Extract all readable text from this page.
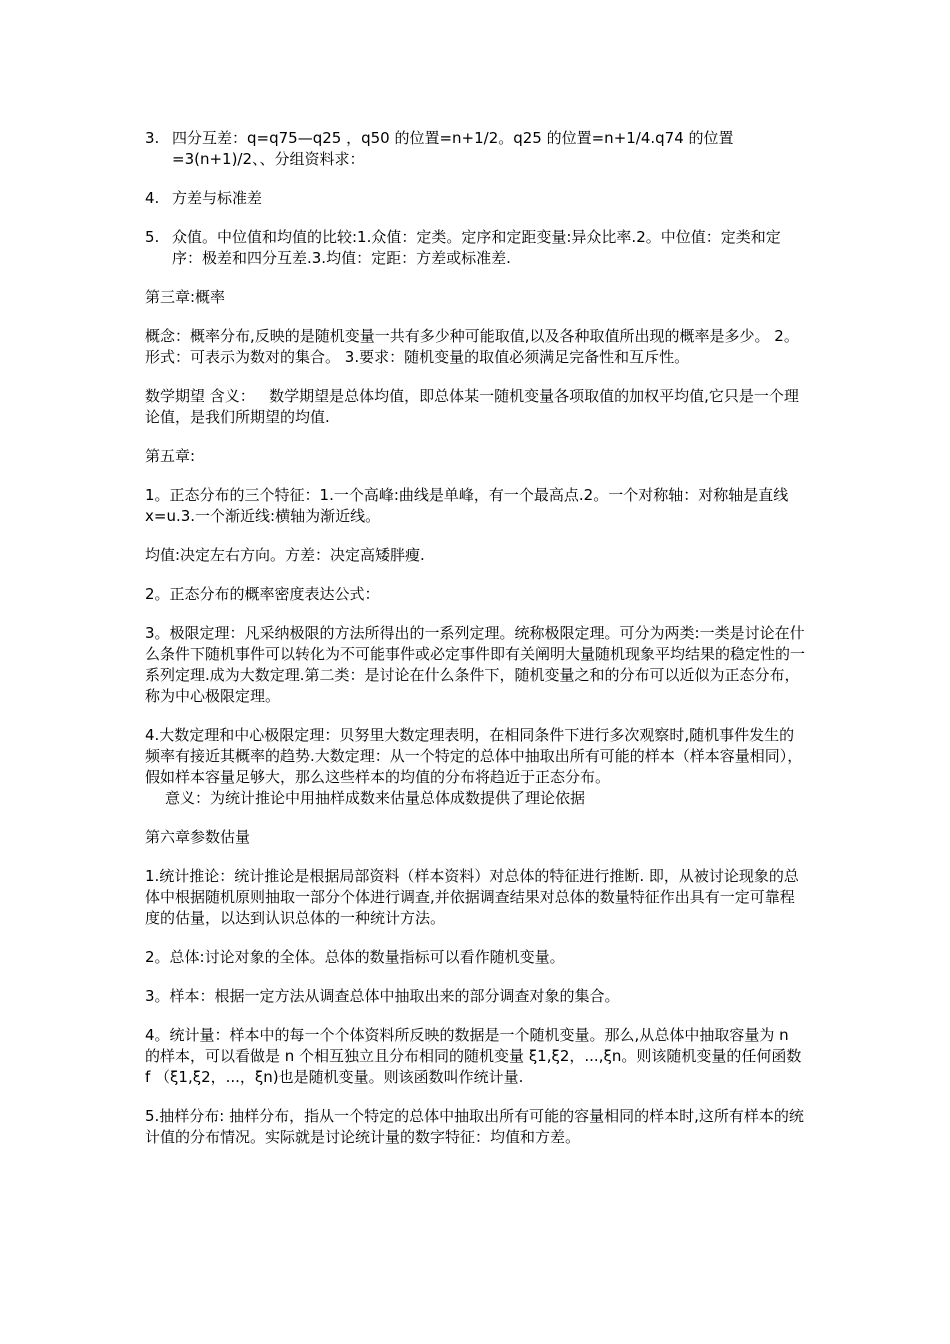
3. 四分互差：q=q75—q25 ，q50 的位置=n+1/2。q25 的位置=n+1/4.q74 的位置=3(n+1)/2、、分组资料求：
4. 方差与标准差
5. 众值。中位值和均值的比较:1.众值：定类。定序和定距变量:异众比率.2。中位值：定类和定序：极差和四分互差.3.均值：定距：方差或标准差.
第三章:概率

概念：概率分布,反映的是随机变量一共有多少种可能取值,以及各种取值所出现的概率是多少。 2。形式：可表示为数对的集合。 3.要求：随机变量的取值必须满足完备性和互斥性。

数学期望 含义：   数学期望是总体均值，即总体某一随机变量各项取值的加权平均值,它只是一个理论值，是我们所期望的均值.

第五章:

1。正态分布的三个特征：1.一个高峰:曲线是单峰，有一个最高点.2。一个对称轴：对称轴是直线 x=u.3.一个渐近线:横轴为渐近线。

均值:决定左右方向。方差：决定高矮胖瘦.

2。正态分布的概率密度表达公式：

3。极限定理：凡采纳极限的方法所得出的一系列定理。统称极限定理。可分为两类:一类是讨论在什么条件下随机事件可以转化为不可能事件或必定事件即有关阐明大量随机现象平均结果的稳定性的一系列定理.成为大数定理.第二类：是讨论在什么条件下，随机变量之和的分布可以近似为正态分布，称为中心极限定理。

4.大数定理和中心极限定理：贝努里大数定理表明，在相同条件下进行多次观察时,随机事件发生的频率有接近其概率的趋势.大数定理：从一个特定的总体中抽取出所有可能的样本（样本容量相同），假如样本容量足够大，那么这些样本的均值的分布将趋近于正态分布。
意义：为统计推论中用抽样成数来估量总体成数提供了理论依据
第六章参数估量

1.统计推论：统计推论是根据局部资料（样本资料）对总体的特征进行推断. 即，从被讨论现象的总体中根据随机原则抽取一部分个体进行调查,并依据调查结果对总体的数量特征作出具有一定可靠程度的估量，以达到认识总体的一种统计方法。

2。总体:讨论对象的全体。总体的数量指标可以看作随机变量。

3。样本：根据一定方法从调查总体中抽取出来的部分调查对象的集合。

4。统计量：样本中的每一个个体资料所反映的数据是一个随机变量。那么,从总体中抽取容量为 n 的样本，可以看做是 n 个相互独立且分布相同的随机变量 ξ1,ξ2，...,ξn。则该随机变量的任何函数 f （ξ1,ξ2，...，ξn)也是随机变量。则该函数叫作统计量.

5.抽样分布: 抽样分布，指从一个特定的总体中抽取出所有可能的容量相同的样本时,这所有样本的统计值的分布情况。实际就是讨论统计量的数字特征：均值和方差。
